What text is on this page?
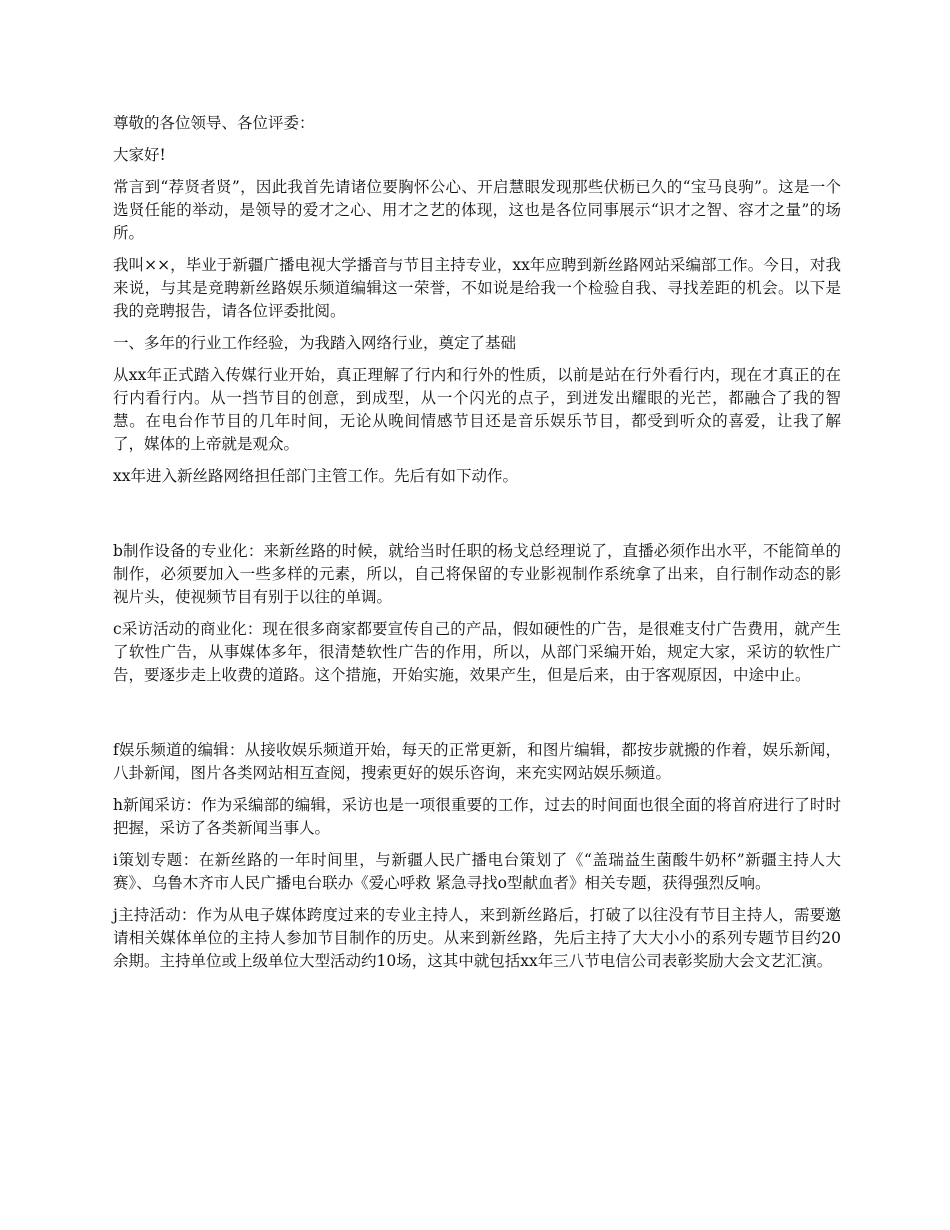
尊敬的各位领导、各位评委：

大家好!

常言到“荐贤者贤”，因此我首先请诸位要胸怀公心、开启慧眼发现那些伏枥已久的“宝马良驹”。这是一个选贤任能的举动，是领导的爱才之心、用才之艺的体现，这也是各位同事展示“识才之智、容才之量”的场所。

我叫××，毕业于新疆广播电视大学播音与节目主持专业，xx年应聘到新丝路网站采编部工作。今日，对我来说，与其是竞聘新丝路娱乐频道编辑这一荣誉，不如说是给我一个检验自我、寻找差距的机会。以下是我的竞聘报告，请各位评委批阅。

一、多年的行业工作经验，为我踏入网络行业，奠定了基础

从xx年正式踏入传媒行业开始，真正理解了行内和行外的性质，以前是站在行外看行内，现在才真正的在行内看行内。从一挡节目的创意，到成型，从一个闪光的点子，到迸发出耀眼的光芒，都融合了我的智慧。在电台作节目的几年时间，无论从晚间情感节目还是音乐娱乐节目，都受到听众的喜爱，让我了解了，媒体的上帝就是观众。

xx年进入新丝路网络担任部门主管工作。先后有如下动作。

b制作设备的专业化：来新丝路的时候，就给当时任职的杨戈总经理说了，直播必须作出水平，不能简单的制作，必须要加入一些多样的元素，所以，自己将保留的专业影视制作系统拿了出来，自行制作动态的影视片头，使视频节目有别于以往的单调。

c采访活动的商业化：现在很多商家都要宣传自己的产品，假如硬性的广告，是很难支付广告费用，就产生了软性广告，从事媒体多年，很清楚软性广告的作用，所以，从部门采编开始，规定大家，采访的软性广告，要逐步走上收费的道路。这个措施，开始实施，效果产生，但是后来，由于客观原因，中途中止。

f娱乐频道的编辑：从接收娱乐频道开始，每天的正常更新，和图片编辑，都按步就搬的作着，娱乐新闻，八卦新闻，图片各类网站相互查阅，搜索更好的娱乐咨询，来充实网站娱乐频道。

h新闻采访：作为采编部的编辑，采访也是一项很重要的工作，过去的时间面也很全面的将首府进行了时时把握，采访了各类新闻当事人。

i策划专题：在新丝路的一年时间里，与新疆人民广播电台策划了《“盖瑞益生菌酸牛奶杯”新疆主持人大赛》、乌鲁木齐市人民广播电台联办《爱心呼救 紧急寻找o型献血者》相关专题，获得强烈反响。

j主持活动：作为从电子媒体跨度过来的专业主持人，来到新丝路后，打破了以往没有节目主持人，需要邀请相关媒体单位的主持人参加节目制作的历史。从来到新丝路，先后主持了大大小小的系列专题节目约20余期。主持单位或上级单位大型活动约10场，这其中就包括xx年三八节电信公司表彰奖励大会文艺汇演。
